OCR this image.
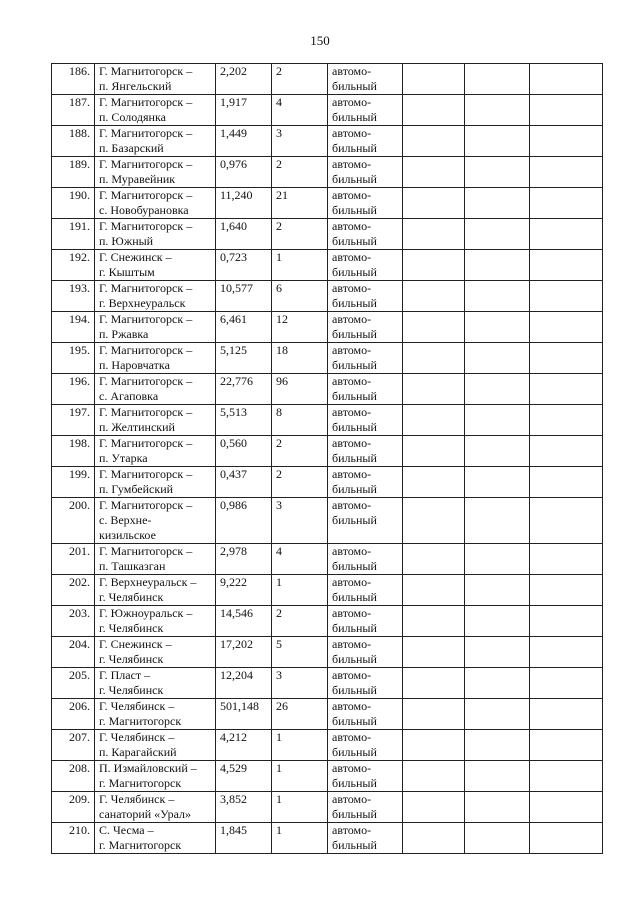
150
186.	Г. Магнитогорск –
п. Янгельский	2,202	2	автомо-
бильный			

187.	Г. Магнитогорск –
п. Солодянка	1,917	4	автомо-
бильный			

188.	Г. Магнитогорск –
п. Базарский	1,449	3	автомо-
бильный			

189.	Г. Магнитогорск –
п. Муравейник	0,976	2	автомо-
бильный			

190.	Г. Магнитогорск –
с. Новобурановка	11,240	21	автомо-
бильный			

191.	Г. Магнитогорск –
п. Южный	1,640	2	автомо-
бильный			

192.	Г. Снежинск –
г. Кыштым	0,723	1	автомо-
бильный			

193.	Г. Магнитогорск –
г. Верхнеуральск	10,577	6	автомо-
бильный			

194.	Г. Магнитогорск –
п. Ржавка	6,461	12	автомо-
бильный			

195.	Г. Магнитогорск –
п. Наровчатка	5,125	18	автомо-
бильный			

196.	Г. Магнитогорск –
с. Агаповка	22,776	96	автомо-
бильный			

197.	Г. Магнитогорск –
п. Желтинский	5,513	8	автомо-
бильный			

198.	Г. Магнитогорск –
п. Утарка	0,560	2	автомо-
бильный			

199.	Г. Магнитогорск –
п. Гумбейский	0,437	2	автомо-
бильный			

200.	Г. Магнитогорск –
с. Верхне-
кизильское	0,986	3	автомо-
бильный			

201.	Г. Магнитогорск –
п. Ташказган	2,978	4	автомо-
бильный			

202.	Г. Верхнеуральск –
г. Челябинск	9,222	1	автомо-
бильный			

203.	Г. Южноуральск –
г. Челябинск	14,546	2	автомо-
бильный			

204.	Г. Снежинск –
г. Челябинск	17,202	5	автомо-
бильный			

205.	Г. Пласт –
г. Челябинск	12,204	3	автомо-
бильный			

206.	Г. Челябинск –
г. Магнитогорск	501,148	26	автомо-
бильный			

207.	Г. Челябинск –
п. Карагайский	4,212	1	автомо-
бильный			

208.	П. Измайловский –
г. Магнитогорск	4,529	1	автомо-
бильный			

209.	Г. Челябинск –
санаторий «Урал»	3,852	1	автомо-
бильный			

210.	С. Чесма –
г. Магнитогорск	1,845	1	автомо-
бильный			
